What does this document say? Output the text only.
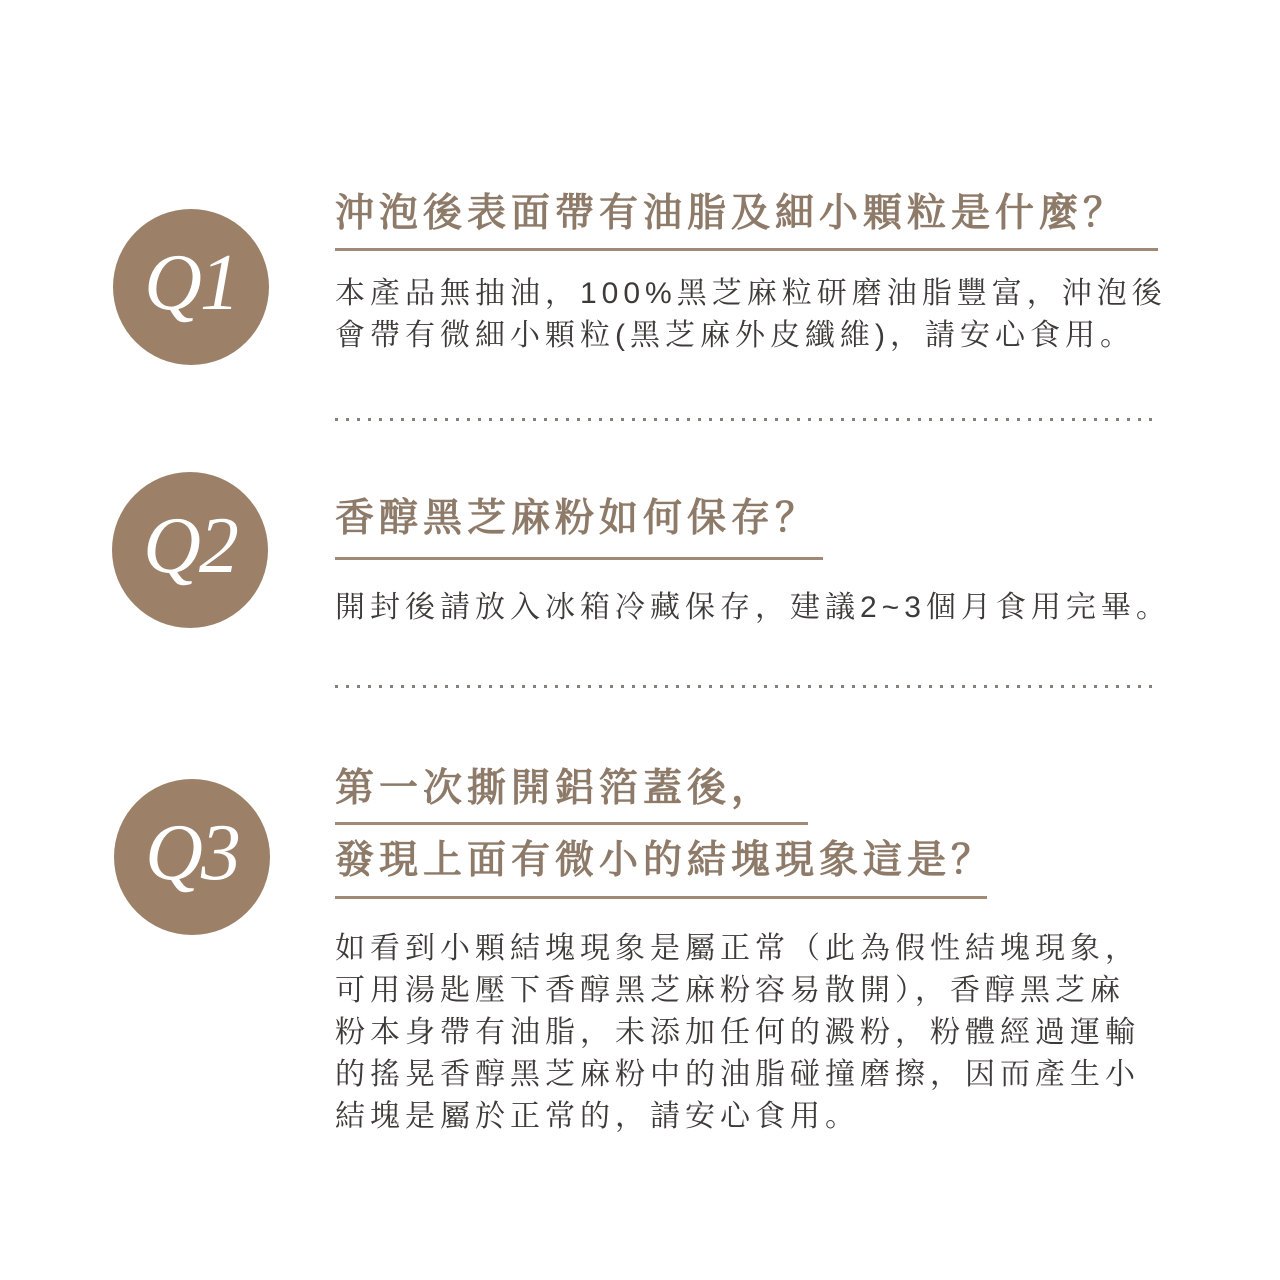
Q1
沖泡後表面帶有油脂及細小顆粒是什麼？
本產品無抽油，100%黑芝麻粒研磨油脂豐富，沖泡後
會帶有微細小顆粒(黑芝麻外皮纖維)，請安心食用。
Q2	香醇黑芝麻粉如何保存？
開封後請放入冰箱冷藏保存，建議2~3個月食用完畢。
Q3
第一次撕開鋁箔蓋後，
發現上面有微小的結塊現象這是？
如看到小顆結塊現象是屬正常（此為假性結塊現象，
可用湯匙壓下香醇黑芝麻粉容易散開），香醇黑芝麻
粉本身帶有油脂，未添加任何的澱粉，粉體經過運輸
的搖晃香醇黑芝麻粉中的油脂碰撞磨擦，因而產生小
結塊是屬於正常的，請安心食用。
